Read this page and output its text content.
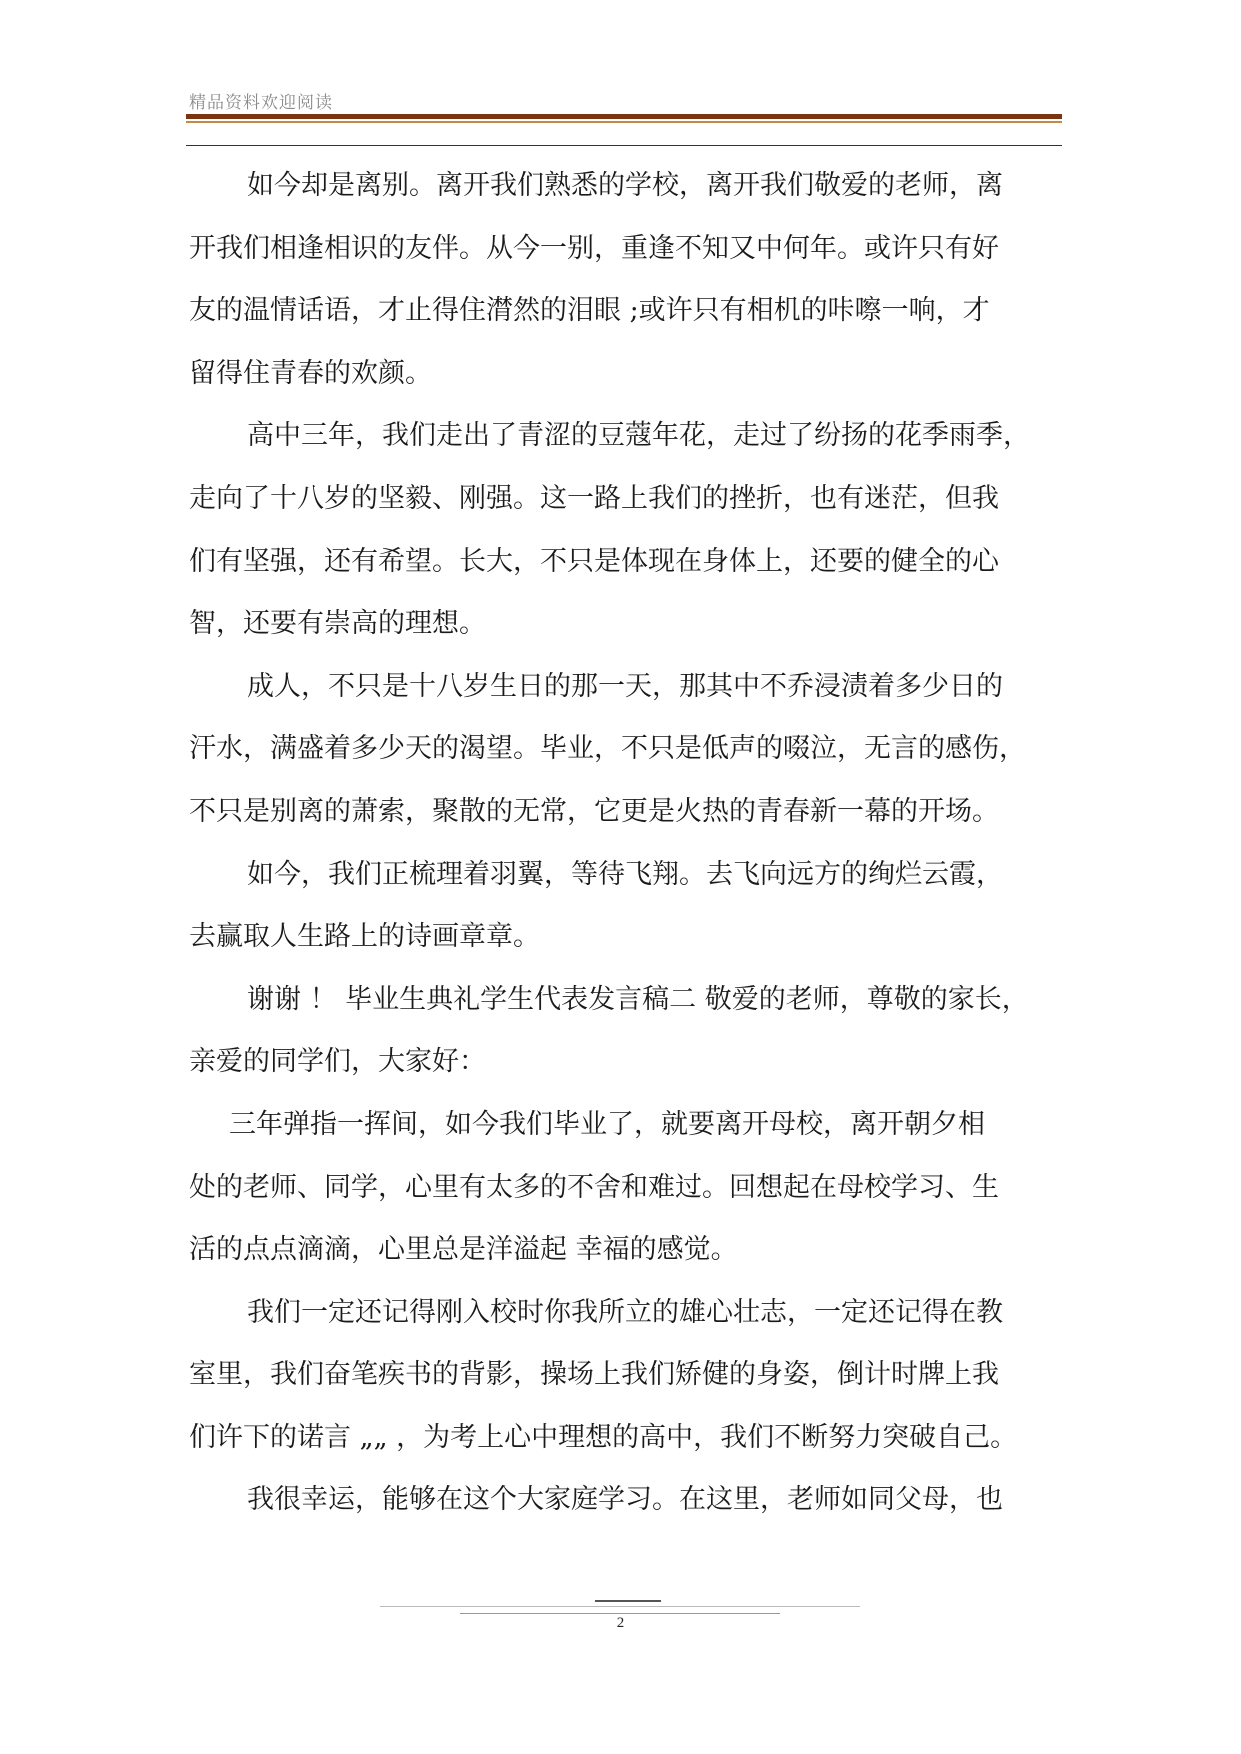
精品资料欢迎阅读
如今却是离别。离开我们熟悉的学校，离开我们敬爱的老师，离
开我们相逢相识的友伴。从今一别，重逢不知又中何年。或许只有好
友的温情话语，才止得住潸然的泪眼 ;或许只有相机的咔嚓一响，才
留得住青春的欢颜。
高中三年，我们走出了青涩的豆蔻年花，走过了纷扬的花季雨季，
走向了十八岁的坚毅、刚强。这一路上我们的挫折，也有迷茫，但我
们有坚强，还有希望。长大，不只是体现在身体上，还要的健全的心
智，还要有崇高的理想。
成人，不只是十八岁生日的那一天，那其中不乔浸渍着多少日的
汗水，满盛着多少天的渴望。毕业，不只是低声的啜泣，无言的感伤，
不只是别离的萧索，聚散的无常，它更是火热的青春新一幕的开场。
如今，我们正梳理着羽翼，等待飞翔。去飞向远方的绚烂云霞，
去赢取人生路上的诗画章章。
谢谢 ！ 毕业生典礼学生代表发言稿二 敬爱的老师，尊敬的家长，
亲爱的同学们，大家好：
三年弹指一挥间，如今我们毕业了，就要离开母校，离开朝夕相
处的老师、同学，心里有太多的不舍和难过。回想起在母校学习、生
活的点点滴滴，心里总是洋溢起 幸福的感觉。
我们一定还记得刚入校时你我所立的雄心壮志，一定还记得在教
室里，我们奋笔疾书的背影，操场上我们矫健的身姿，倒计时牌上我
们许下的诺言 „„ ，为考上心中理想的高中，我们不断努力突破自己。
我很幸运，能够在这个大家庭学习。在这里，老师如同父母，也
2
